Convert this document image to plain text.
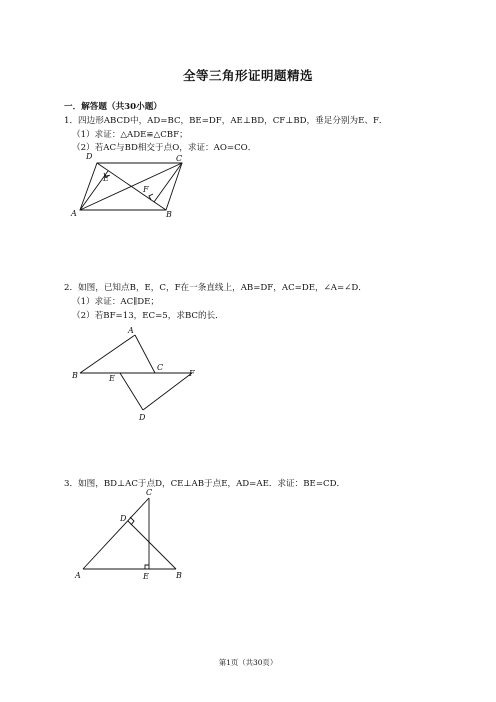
全等三角形证明题精选
一．解答题（共30小题）
1．四边形ABCD中，AD=BC，BE=DF，AE⊥BD，CF⊥BD，垂足分别为E、F．
（1）求证：△ADE≌△CBF；
（2）若AC与BD相交于点O，求证：AO=CO．
2．如图，已知点B，E，C，F在一条直线上，AB=DF，AC=DE，∠A=∠D．
（1）求证：AC∥DE；
（2）若BF=13，EC=5，求BC的长．
3．如图，BD⊥AC于点D，CE⊥AB于点E，AD=AE．求证：BE=CD．
第1页（共30页）
D	C
E
F
A	B
A
C
B	E
F
D
C
D
A	E	B
